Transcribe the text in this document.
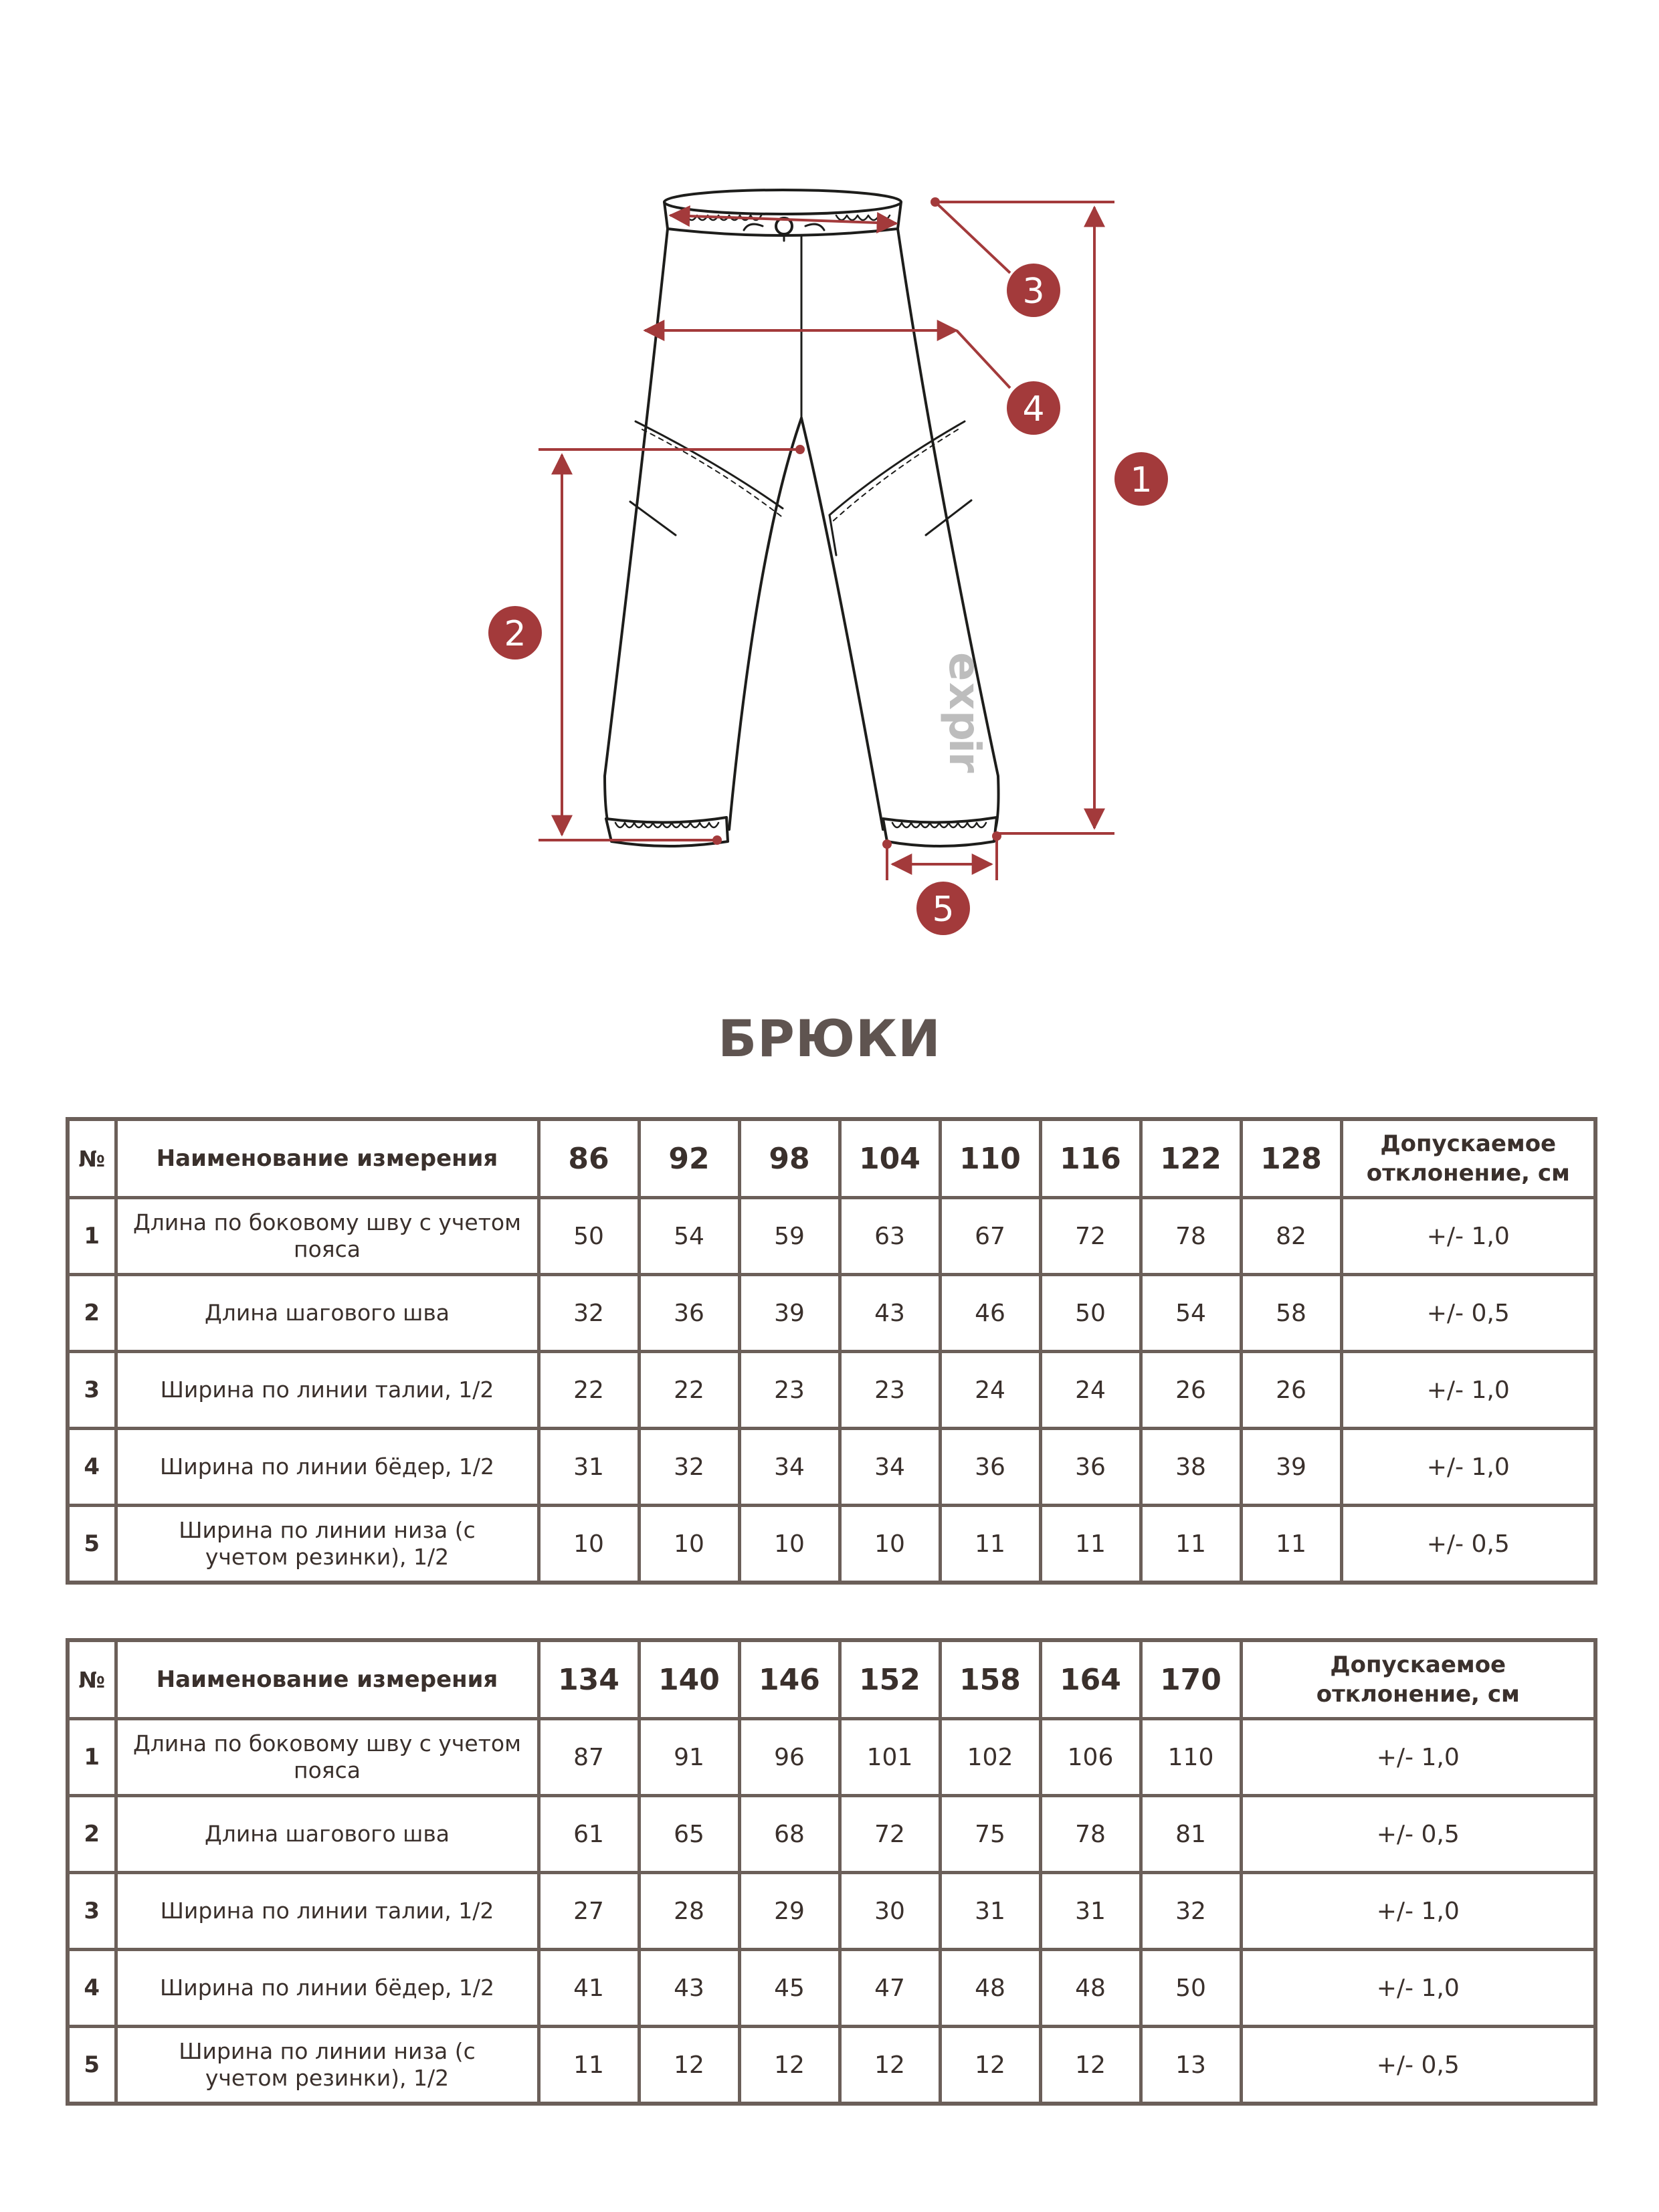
e
x
p
i
r
1
2
3
4
5
БРЮКИ
№	Наименование измерения	86	92	98	104	110	116	122	128	Допускаемое
отклонение, см
1	Длина по боковому шву с учетом
пояса	50	54	59	63	67	72	78	82	+/- 1,0
2	Длина шагового шва	32	36	39	43	46	50	54	58	+/- 0,5
3	Ширина по линии талии, 1/2	22	22	23	23	24	24	26	26	+/- 1,0
4	Ширина по линии бёдер, 1/2	31	32	34	34	36	36	38	39	+/- 1,0
5	Ширина по линии низа (с
учетом резинки), 1/2	10	10	10	10	11	11	11	11	+/- 0,5
№	Наименование измерения	134	140	146	152	158	164	170	Допускаемое
отклонение, см
1	Длина по боковому шву с учетом
пояса	87	91	96	101	102	106	110	+/- 1,0
2	Длина шагового шва	61	65	68	72	75	78	81	+/- 0,5
3	Ширина по линии талии, 1/2	27	28	29	30	31	31	32	+/- 1,0
4	Ширина по линии бёдер, 1/2	41	43	45	47	48	48	50	+/- 1,0
5	Ширина по линии низа (с
учетом резинки), 1/2	11	12	12	12	12	12	13	+/- 0,5
